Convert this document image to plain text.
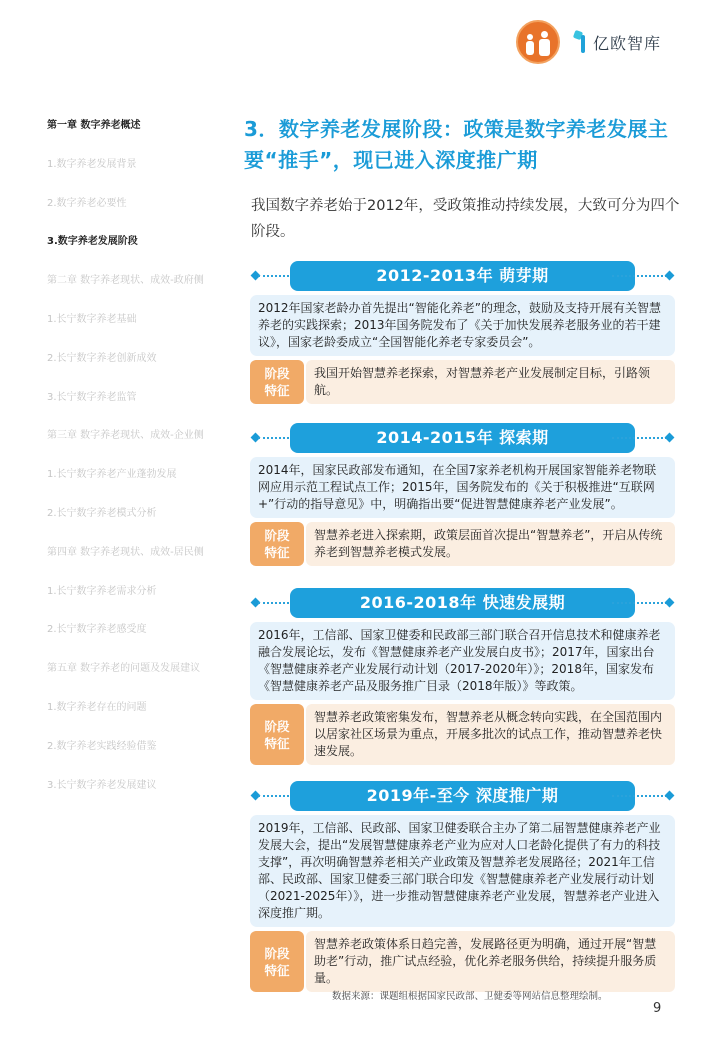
亿欧智库
第一章 数字养老概述
1.数字养老发展背景
2.数字养老必要性
3.数字养老发展阶段
第二章 数字养老现状、成效-政府侧
1.长宁数字养老基础
2.长宁数字养老创新成效
3.长宁数字养老监管
第三章 数字养老现状、成效-企业侧
1.长宁数字养老产业蓬勃发展
2.长宁数字养老模式分析
第四章 数字养老现状、成效-居民侧
1.长宁数字养老需求分析
2.长宁数字养老感受度
第五章 数字养老的问题及发展建议
1.数字养老存在的问题
2.数字养老实践经验借鉴
3.长宁数字养老发展建议
3．数字养老发展阶段：政策是数字养老发展主要“推手”，现已进入深度推广期

我国数字养老始于2012年，受政策推动持续发展，大致可分为四个阶段。

2012-2013年 萌芽期
2012年国家老龄办首先提出“智能化养老”的理念，鼓励及支持开展有关智慧养老的实践探索；2013年国务院发布了《关于加快发展养老服务业的若干建议》，国家老龄委成立“全国智能化养老专家委员会”。
阶段
特征
我国开始智慧养老探索，对智慧养老产业发展制定目标，引路领航。
2014-2015年 探索期
2014年，国家民政部发布通知，在全国7家养老机构开展国家智能养老物联网应用示范工程试点工作；2015年，国务院发布的《关于积极推进“互联网+”行动的指导意见》中，明确指出要“促进智慧健康养老产业发展”。
阶段
特征
智慧养老进入探索期，政策层面首次提出“智慧养老”，开启从传统养老到智慧养老模式发展。
2016-2018年 快速发展期
2016年，工信部、国家卫健委和民政部三部门联合召开信息技术和健康养老融合发展论坛，发布《智慧健康养老产业发展白皮书》；2017年，国家出台《智慧健康养老产业发展行动计划（2017-2020年）》；2018年，国家发布《智慧健康养老产品及服务推广目录（2018年版）》等政策。
阶段
特征
智慧养老政策密集发布，智慧养老从概念转向实践，在全国范围内以居家社区场景为重点，开展多批次的试点工作，推动智慧养老快速发展。
2019年-至今 深度推广期
2019年，工信部、民政部、国家卫健委联合主办了第二届智慧健康养老产业发展大会，提出“发展智慧健康养老产业为应对人口老龄化提供了有力的科技支撑”，再次明确智慧养老相关产业政策及智慧养老发展路径；2021年工信部、民政部、国家卫健委三部门联合印发《智慧健康养老产业发展行动计划（2021-2025年）》，进一步推动智慧健康养老产业发展，智慧养老产业进入深度推广期。
阶段
特征
智慧养老政策体系日趋完善，发展路径更为明确，通过开展“智慧助老”行动，推广试点经验，优化养老服务供给，持续提升服务质量。
数据来源：课题组根据国家民政部、卫健委等网站信息整理绘制。
9
